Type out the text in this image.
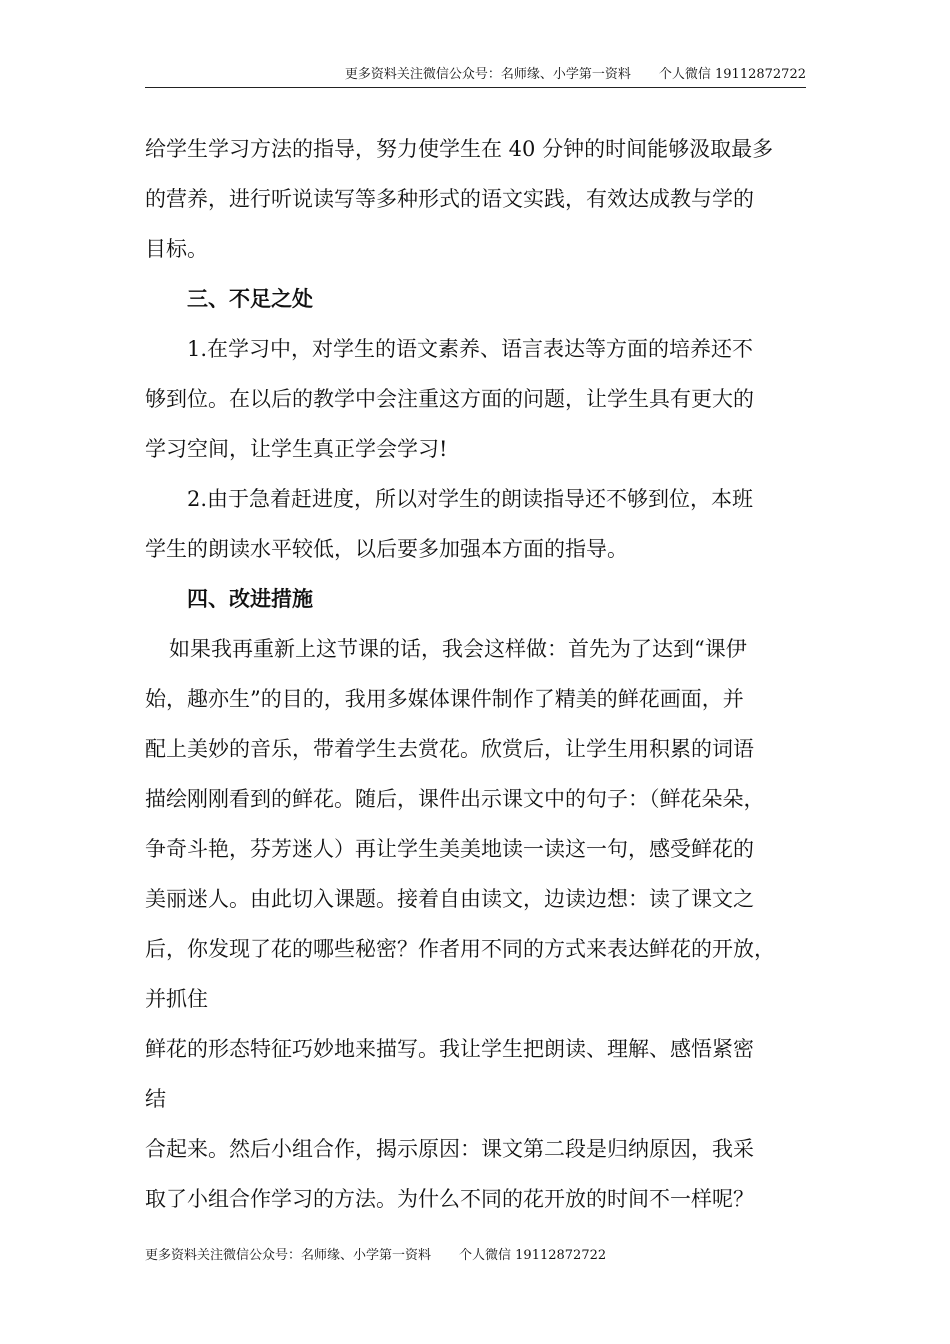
更多资料关注微信公众号：名师缘、小学第一资料 个人微信 19112872722
给学生学习方法的指导，努力使学生在 40 分钟的时间能够汲取最多
的营养，进行听说读写等多种形式的语文实践，有效达成教与学的
目标。
三、不足之处
1.在学习中，对学生的语文素养、语言表达等方面的培养还不
够到位。在以后的教学中会注重这方面的问题，让学生具有更大的
学习空间，让学生真正学会学习!
2.由于急着赶进度，所以对学生的朗读指导还不够到位，本班
学生的朗读水平较低，以后要多加强本方面的指导。
四、改进措施
如果我再重新上这节课的话，我会这样做：首先为了达到“课伊
始，趣亦生”的目的，我用多媒体课件制作了精美的鲜花画面，并
配上美妙的音乐，带着学生去赏花。欣赏后，让学生用积累的词语
描绘刚刚看到的鲜花。随后，课件出示课文中的句子：（鲜花朵朵，
争奇斗艳，芬芳迷人）再让学生美美地读一读这一句，感受鲜花的
美丽迷人。由此切入课题。接着自由读文，边读边想：读了课文之
后，你发现了花的哪些秘密？作者用不同的方式来表达鲜花的开放，
并抓住
鲜花的形态特征巧妙地来描写。我让学生把朗读、理解、感悟紧密
结
合起来。然后小组合作，揭示原因：课文第二段是归纳原因，我采
取了小组合作学习的方法。为什么不同的花开放的时间不一样呢？
更多资料关注微信公众号：名师缘、小学第一资料 个人微信 19112872722
